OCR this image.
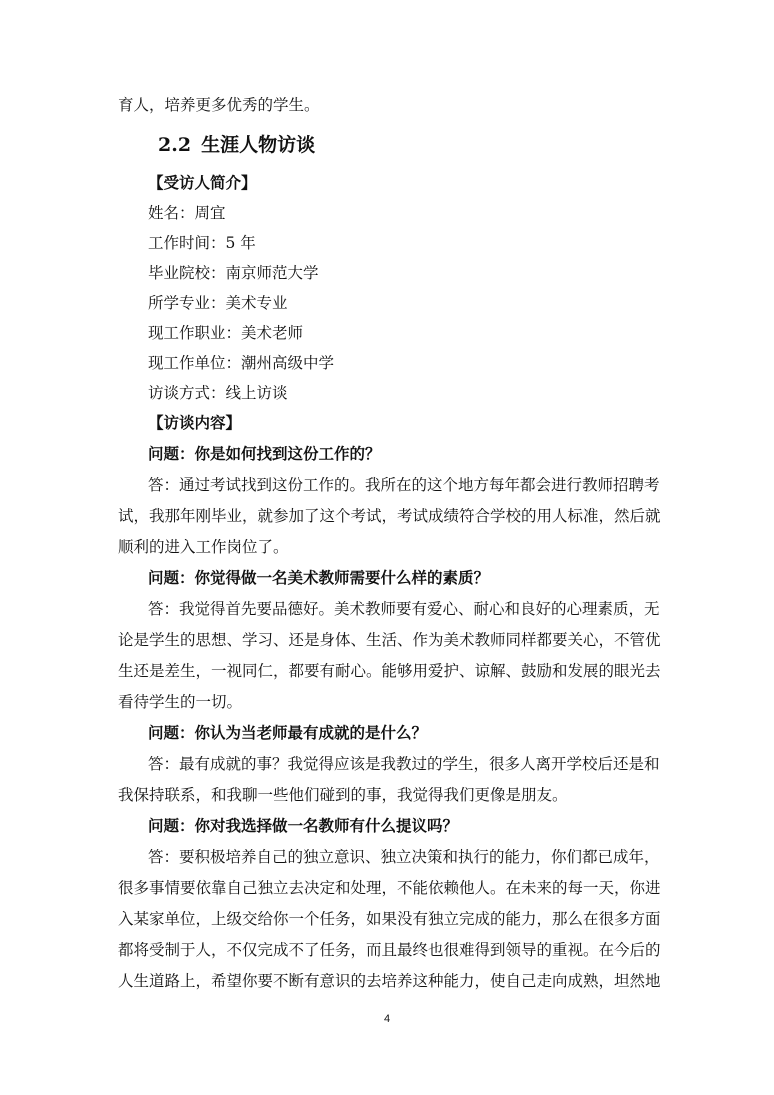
育人，培养更多优秀的学生。
2.2 生涯人物访谈
【受访人简介】
姓名：周宜
工作时间：5 年
毕业院校：南京师范大学
所学专业：美术专业
现工作职业：美术老师
现工作单位：潮州高级中学
访谈方式：线上访谈
【访谈内容】
问题：你是如何找到这份工作的？
答：通过考试找到这份工作的。我所在的这个地方每年都会进行教师招聘考
试，我那年刚毕业，就参加了这个考试，考试成绩符合学校的用人标准，然后就
顺利的进入工作岗位了。
问题：你觉得做一名美术教师需要什么样的素质？
答：我觉得首先要品德好。美术教师要有爱心、耐心和良好的心理素质，无
论是学生的思想、学习、还是身体、生活、作为美术教师同样都要关心，不管优
生还是差生，一视同仁，都要有耐心。能够用爱护、谅解、鼓励和发展的眼光去
看待学生的一切。
问题：你认为当老师最有成就的是什么？
答：最有成就的事？我觉得应该是我教过的学生，很多人离开学校后还是和
我保持联系，和我聊一些他们碰到的事，我觉得我们更像是朋友。
问题：你对我选择做一名教师有什么提议吗？
答：要积极培养自己的独立意识、独立决策和执行的能力，你们都已成年，
很多事情要依靠自己独立去决定和处理，不能依赖他人。在未来的每一天，你进
入某家单位，上级交给你一个任务，如果没有独立完成的能力，那么在很多方面
都将受制于人，不仅完成不了任务，而且最终也很难得到领导的重视。在今后的
人生道路上，希望你要不断有意识的去培养这种能力，使自己走向成熟，坦然地
4
